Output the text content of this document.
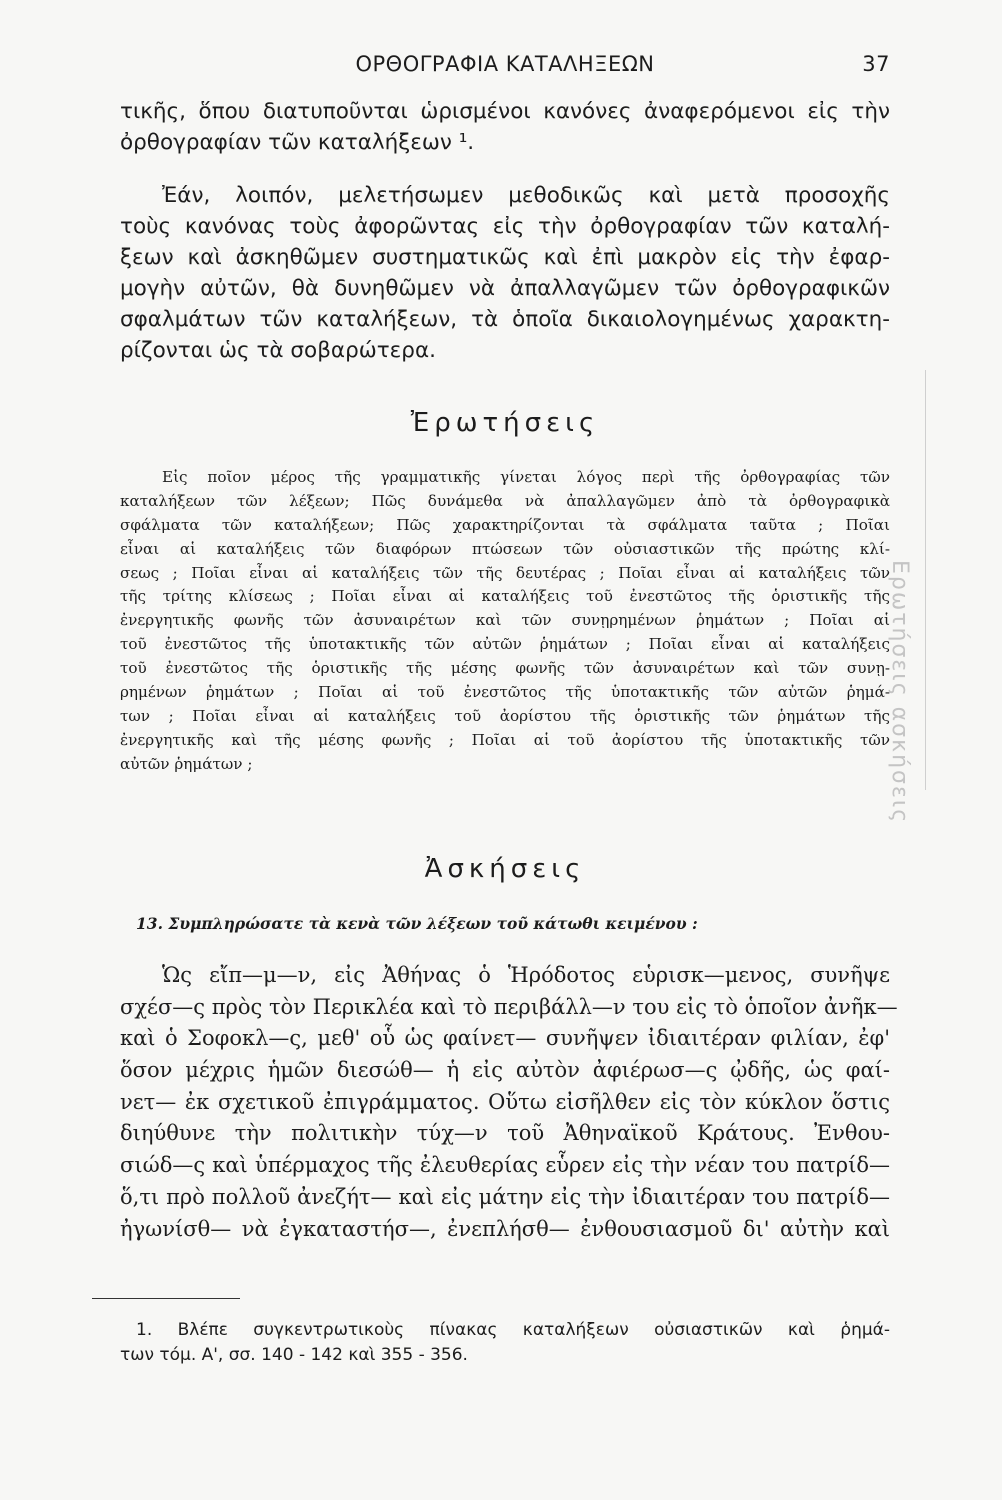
ΟΡΘΟΓΡΑΦΙΑ ΚΑΤΑΛΗΞΕΩΝ	37
τικῆς, ὅπου διατυποῦνται ὡρισμένοι κανόνες ἀναφερόμενοι εἰς τὴν
ὀρθογραφίαν τῶν καταλήξεων ¹.
Ἐάν, λοιπόν, μελετήσωμεν μεθοδικῶς καὶ μετὰ προσοχῆς
τοὺς κανόνας τοὺς ἀφορῶντας εἰς τὴν ὀρθογραφίαν τῶν καταλή-
ξεων καὶ ἀσκηθῶμεν συστηματικῶς καὶ ἐπὶ μακρὸν εἰς τὴν ἐφαρ-
μογὴν αὐτῶν, θὰ δυνηθῶμεν νὰ ἀπαλλαγῶμεν τῶν ὀρθογραφικῶν
σφαλμάτων τῶν καταλήξεων, τὰ ὁποῖα δικαιολογημένως χαρακτη-
ρίζονται ὡς τὰ σοβαρώτερα.
Ἐρωτήσεις
Εἰς ποῖον μέρος τῆς γραμματικῆς γίνεται λόγος περὶ τῆς ὀρθογραφίας τῶν
καταλήξεων τῶν λέξεων; Πῶς δυνάμεθα νὰ ἀπαλλαγῶμεν ἀπὸ τὰ ὀρθογραφικὰ
σφάλματα τῶν καταλήξεων; Πῶς χαρακτηρίζονται τὰ σφάλματα ταῦτα ; Ποῖαι
εἶναι αἱ καταλήξεις τῶν διαφόρων πτώσεων τῶν οὐσιαστικῶν τῆς πρώτης κλί-
σεως ; Ποῖαι εἶναι αἱ καταλήξεις τῶν τῆς δευτέρας ; Ποῖαι εἶναι αἱ καταλήξεις τῶν
τῆς τρίτης κλίσεως ; Ποῖαι εἶναι αἱ καταλήξεις τοῦ ἐνεστῶτος τῆς ὁριστικῆς τῆς
ἐνεργητικῆς φωνῆς τῶν ἀσυναιρέτων καὶ τῶν συνῃρημένων ῥημάτων ; Ποῖαι αἱ
τοῦ ἐνεστῶτος τῆς ὑποτακτικῆς τῶν αὐτῶν ῥημάτων ; Ποῖαι εἶναι αἱ καταλήξεις
τοῦ ἐνεστῶτος τῆς ὁριστικῆς τῆς μέσης φωνῆς τῶν ἀσυναιρέτων καὶ τῶν συνῃ-
ρημένων ῥημάτων ; Ποῖαι αἱ τοῦ ἐνεστῶτος τῆς ὑποτακτικῆς τῶν αὐτῶν ῥημά-
των ; Ποῖαι εἶναι αἱ καταλήξεις τοῦ ἀορίστου τῆς ὁριστικῆς τῶν ῥημάτων τῆς
ἐνεργητικῆς καὶ τῆς μέσης φωνῆς ; Ποῖαι αἱ τοῦ ἀορίστου τῆς ὑποτακτικῆς τῶν
αὐτῶν ῥημάτων ;
Ἀσκήσεις
13. Συμπληρώσατε τὰ κενὰ τῶν λέξεων τοῦ κάτωθι κειμένου :
Ὡς εἴπ—μ—ν, εἰς Ἀθήνας ὁ Ἡρόδοτος εὑρισκ—μενος, συνῆψε
σχέσ—ς πρὸς τὸν Περικλέα καὶ τὸ περιβάλλ—ν του εἰς τὸ ὁποῖον ἀνῆκ—
καὶ ὁ Σοφοκλ—ς, μεθ' οὗ ὡς φαίνετ— συνῆψεν ἰδιαιτέραν φιλίαν, ἐφ'
ὅσον μέχρις ἡμῶν διεσώθ— ἡ εἰς αὐτὸν ἀφιέρωσ—ς ᾠδῆς, ὡς φαί-
νετ— ἐκ σχετικοῦ ἐπιγράμματος. Οὕτω εἰσῆλθεν εἰς τὸν κύκλον ὅστις
διηύθυνε τὴν πολιτικὴν τύχ—ν τοῦ Ἀθηναϊκοῦ Κράτους. Ἐνθου-
σιώδ—ς καὶ ὑπέρμαχος τῆς ἐλευθερίας εὗρεν εἰς τὴν νέαν του πατρίδ—
ὅ,τι πρὸ πολλοῦ ἀνεζήτ— καὶ εἰς μάτην εἰς τὴν ἰδιαιτέραν του πατρίδ—
ἠγωνίσθ— νὰ ἐγκαταστήσ—, ἐνεπλήσθ— ἐνθουσιασμοῦ δι' αὐτὴν καὶ
1. Βλέπε συγκεντρωτικοὺς πίνακας καταλήξεων οὐσιαστικῶν καὶ ῥημά-
των τόμ. Α', σσ. 140 - 142 καὶ 355 - 356.
Ερωτήσεις ασκήσεις
